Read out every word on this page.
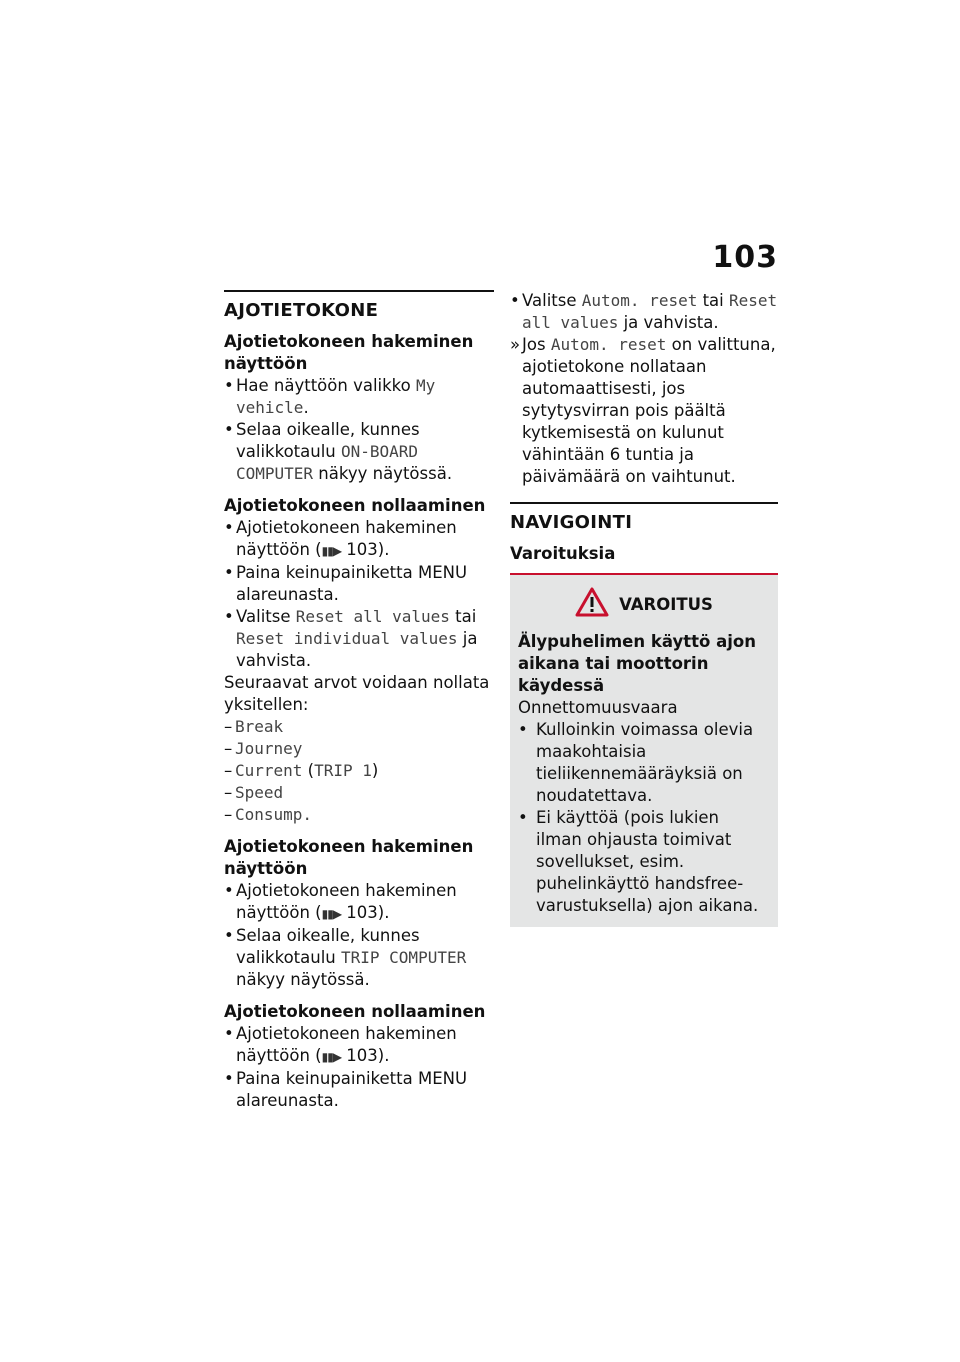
103
AJOTIETOKONE
Ajotietokoneen hakeminen näyttöön
• Hae näyttöön valikko My vehicle.
• Selaa oikealle, kunnes valikkotaulu ON-BOARD COMPUTER näkyy näytössä.
Ajotietokoneen nollaaminen
• Ajotietokoneen hakeminen näyttöön (▮▮▶ 103).
• Paina keinupainiketta MENU alareunasta.
• Valitse Reset all values tai Reset individual values ja vahvista.
Seuraavat arvot voidaan nollata yksitellen:
– Break
– Journey
– Current (TRIP 1)
– Speed
– Consump.
Ajotietokoneen hakeminen näyttöön
• Ajotietokoneen hakeminen näyttöön (▮▮▶ 103).
• Selaa oikealle, kunnes valikkotaulu TRIP COMPUTER näkyy näytössä.
Ajotietokoneen nollaaminen
• Ajotietokoneen hakeminen näyttöön (▮▮▶ 103).
• Paina keinupainiketta MENU alareunasta.
• Valitse Autom. reset tai Reset all values ja vahvista.
» Jos Autom. reset on valittuna, ajotietokone nollataan automaattisesti, jos sytytysvirran pois päältä kytkemisestä on kulunut vähintään 6 tuntia ja päivämäärä on vaihtunut.
NAVIGOINTI
Varoituksia
VAROITUS
Älypuhelimen käyttö ajon aikana tai moottorin käydessä
Onnettomuusvaara
• Kulloinkin voimassa olevia maakohtaisia tieliikennemääräyksiä on noudatettava.
• Ei käyttöä (pois lukien ilman ohjausta toimivat sovellukset, esim. puhelinkäyttö handsfree-varustuksella) ajon aikana.
